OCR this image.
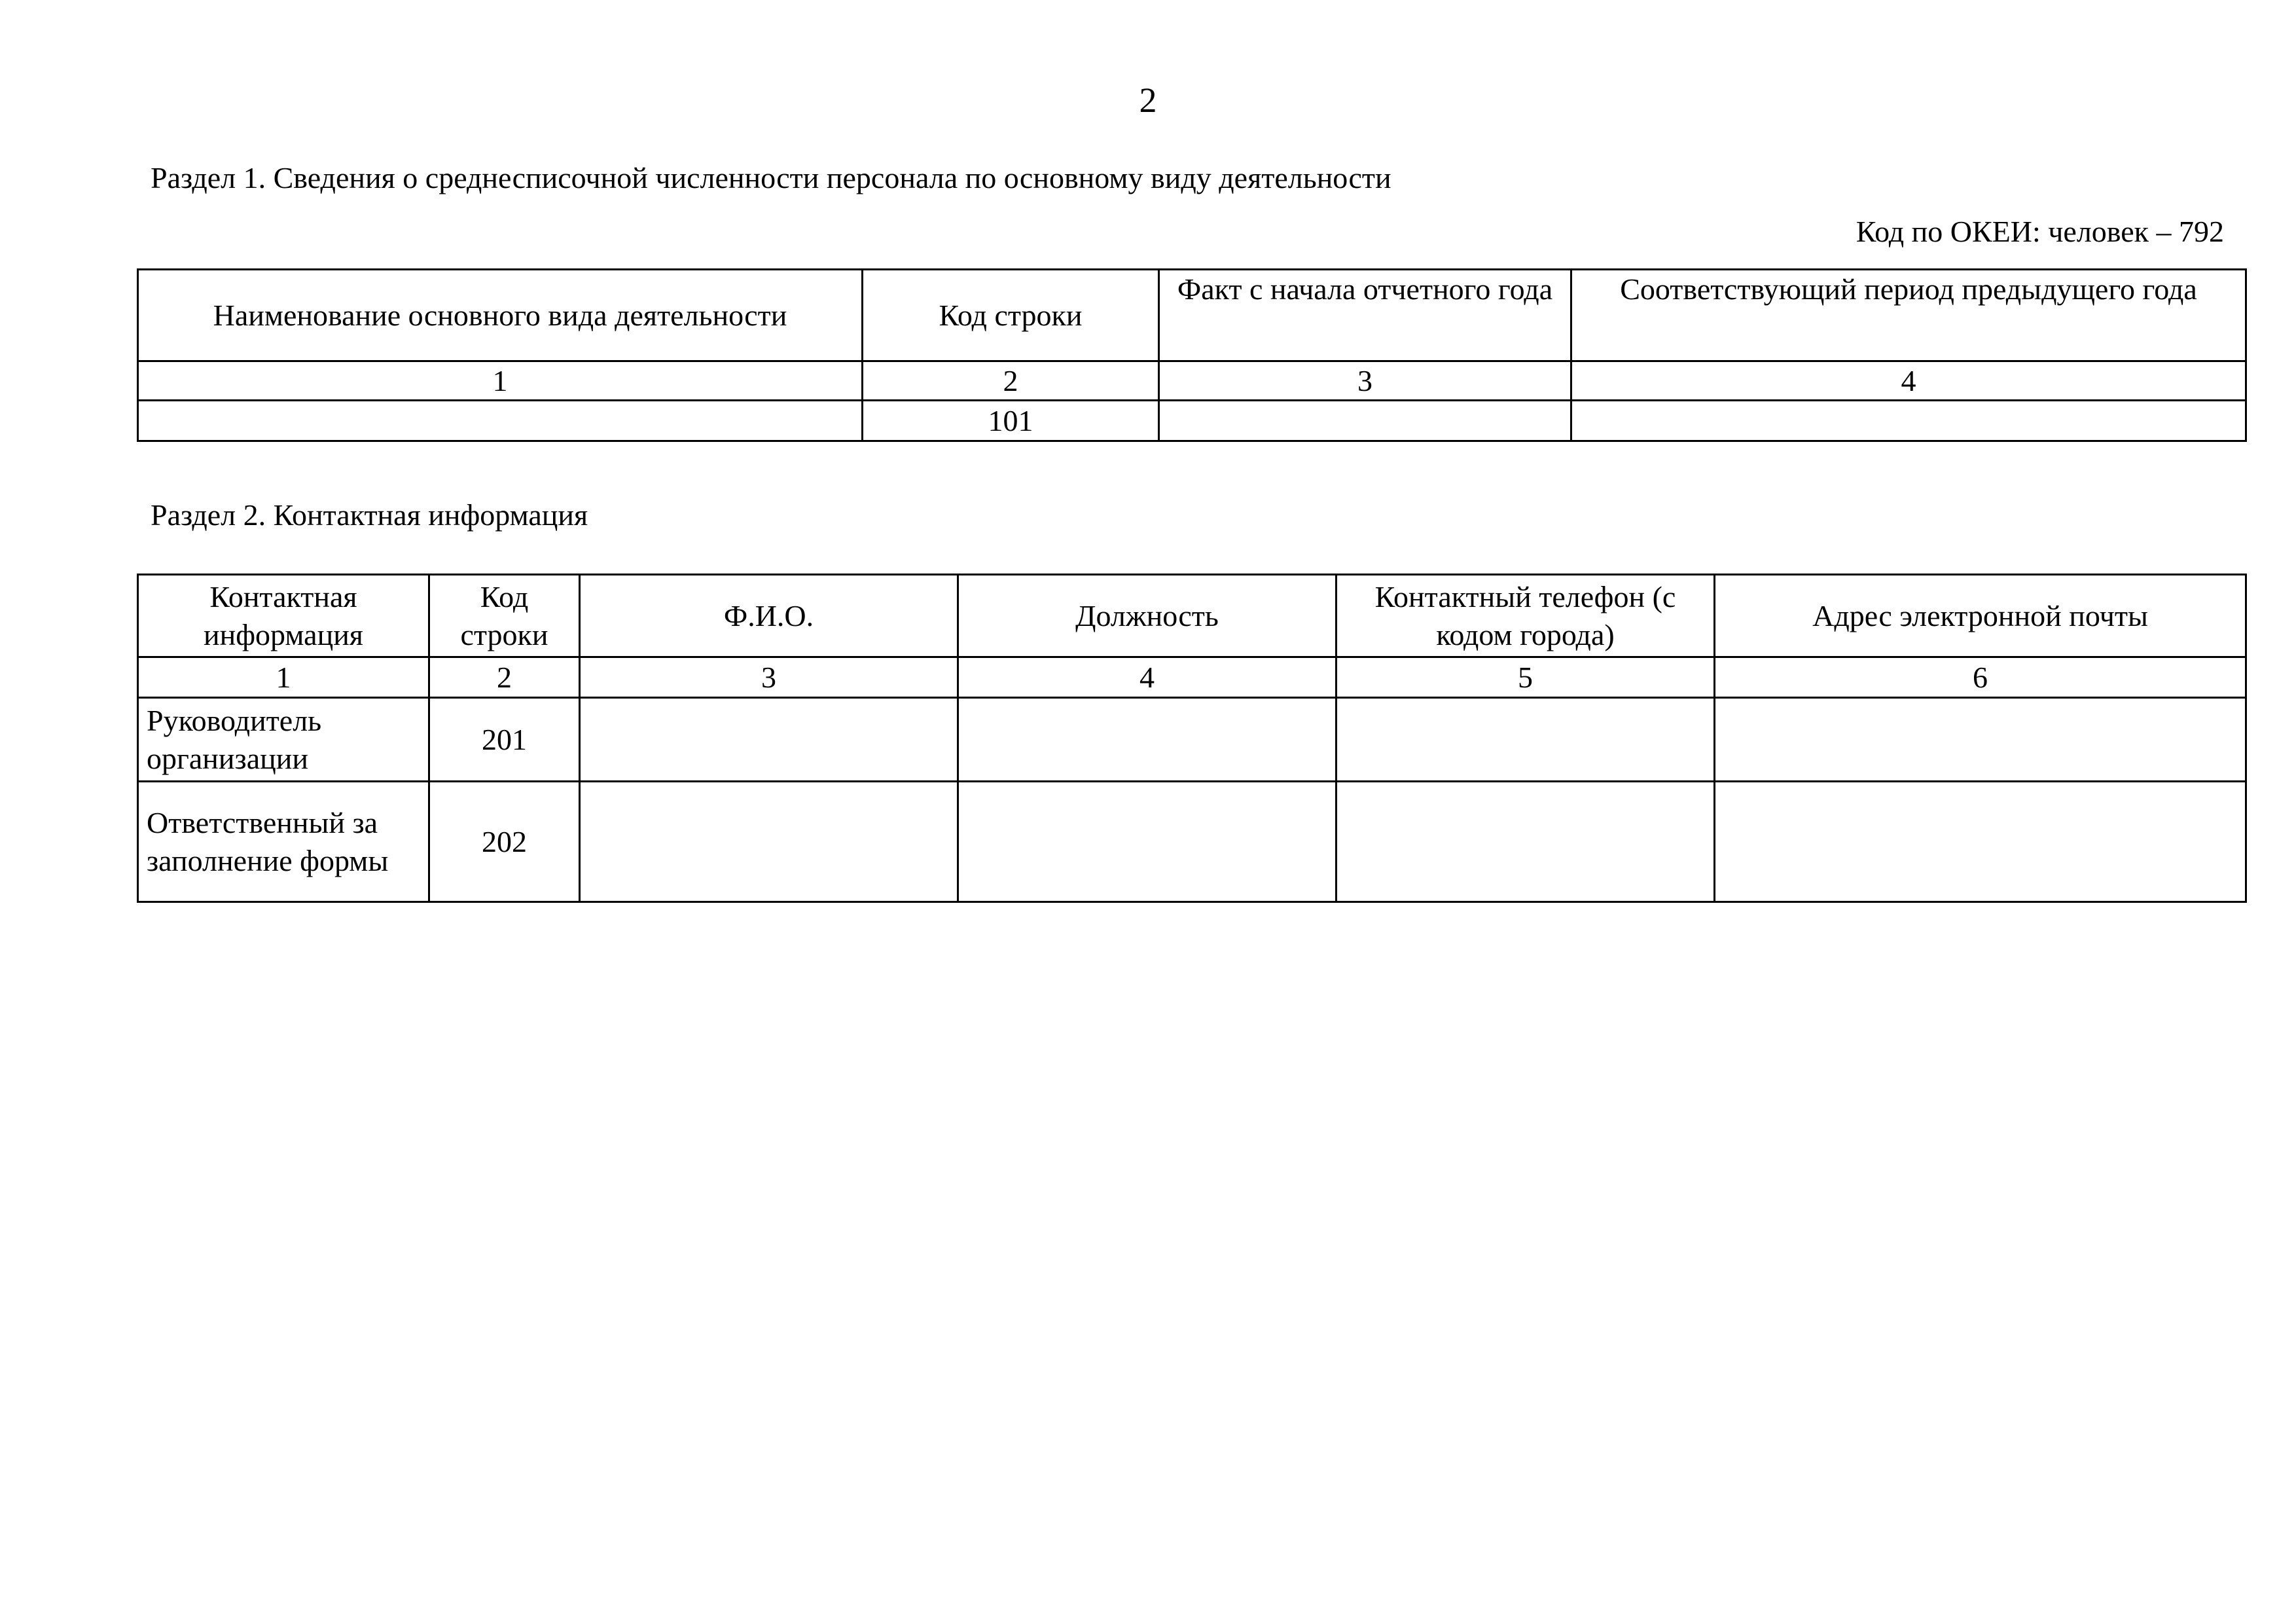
2
Раздел 1. Сведения о среднесписочной численности персонала по основному виду деятельности
Код по ОКЕИ: человек – 792
Наименование основного вида деятельности	Код строки	Факт с начала отчетного года	Соответствующий период предыдущего года
1	2	3	4
	101		
Раздел 2. Контактная информация
Контактная информация	Код строки	Ф.И.О.	Должность	Контактный телефон (с кодом города)	Адрес электронной почты
1	2	3	4	5	6
Руководитель организации	201				
Ответственный за заполнение формы	202				
